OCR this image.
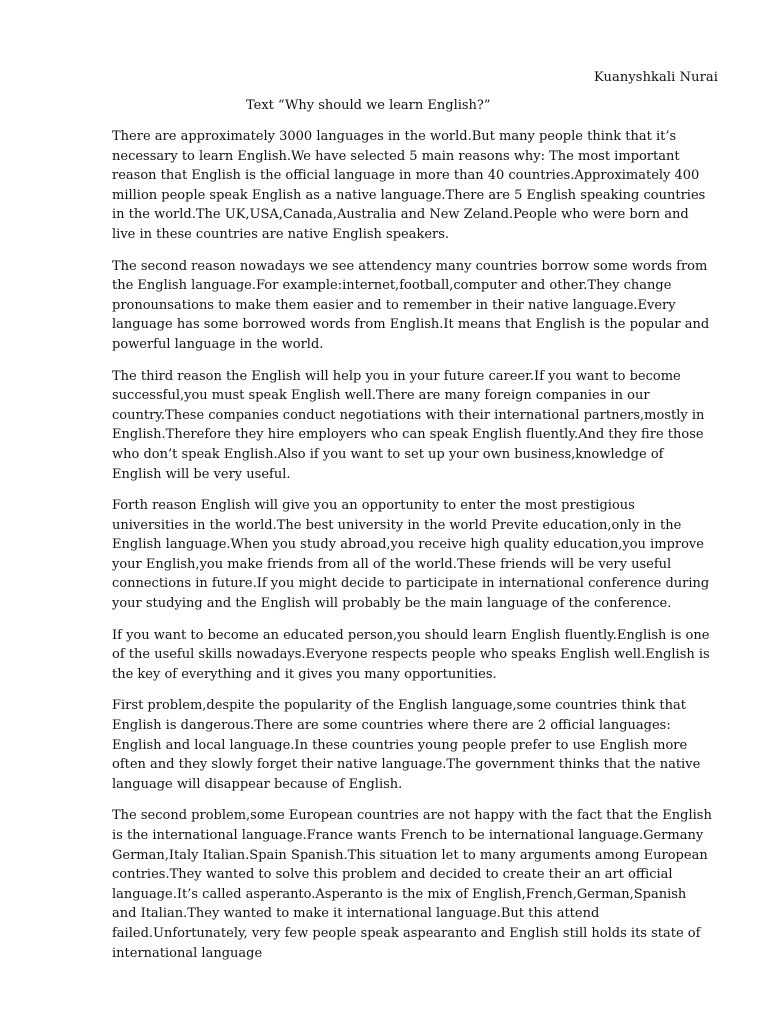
Kuanyshkali Nurai
Text “Why should we learn English?”

There are approximately 3000 languages in the world.But many people think that it’s necessary to learn English.We have selected 5 main reasons why: The most important reason that English is the official language in more than 40 countries.Approximately 400 million people speak English as a native language.There are 5 English speaking countries in the world.The UK,USA,Canada,Australia and New Zeland.People who were born and live in these countries are native English speakers.

The second reason nowadays we see attendency many countries borrow some words from the English language.For example:internet,football,computer and other.They change pronounsations to make them easier and to remember in their native language.Every language has some borrowed words from English.It means that English is the popular and powerful language in the world.

The third reason the English will help you in your future career.If you want to become successful,you must speak English well.There are many foreign companies in our country.These companies conduct negotiations with their international partners,mostly in English.Therefore they hire employers who can speak English fluently.And they fire those who don’t speak English.Also if you want to set up your own business,knowledge of English will be very useful.

Forth reason English will give you an opportunity to enter the most prestigious universities in the world.The best university in the world Previte education,only in the English language.When you study abroad,you receive high quality education,you improve your English,you make friends from all of the world.These friends will be very useful connections in future.If you might decide to participate in international conference during your studying and the English will probably be the main language of the conference.

If you want to become an educated person,you should learn English fluently.English is one of the useful skills nowadays.Everyone respects people who speaks English well.English is the key of everything and it gives you many opportunities.

First problem,despite the popularity of the English language,some countries think that English is dangerous.There are some countries where there are 2 official languages: English and local language.In these countries young people prefer to use English more often and they slowly forget their native language.The government thinks that the native language will disappear because of English.

The second problem,some European countries are not happy with the fact that the English is the international language.France wants French to be international language.Germany German,Italy Italian.Spain Spanish.This situation let to many arguments among European contries.They wanted to solve this problem and decided to create their an art official language.It’s called asperanto.Asperanto is the mix of English,French,German,Spanish and Italian.They wanted to make it international language.But this attend failed.Unfortunately, very few people speak aspearanto and English still holds its state of international language
